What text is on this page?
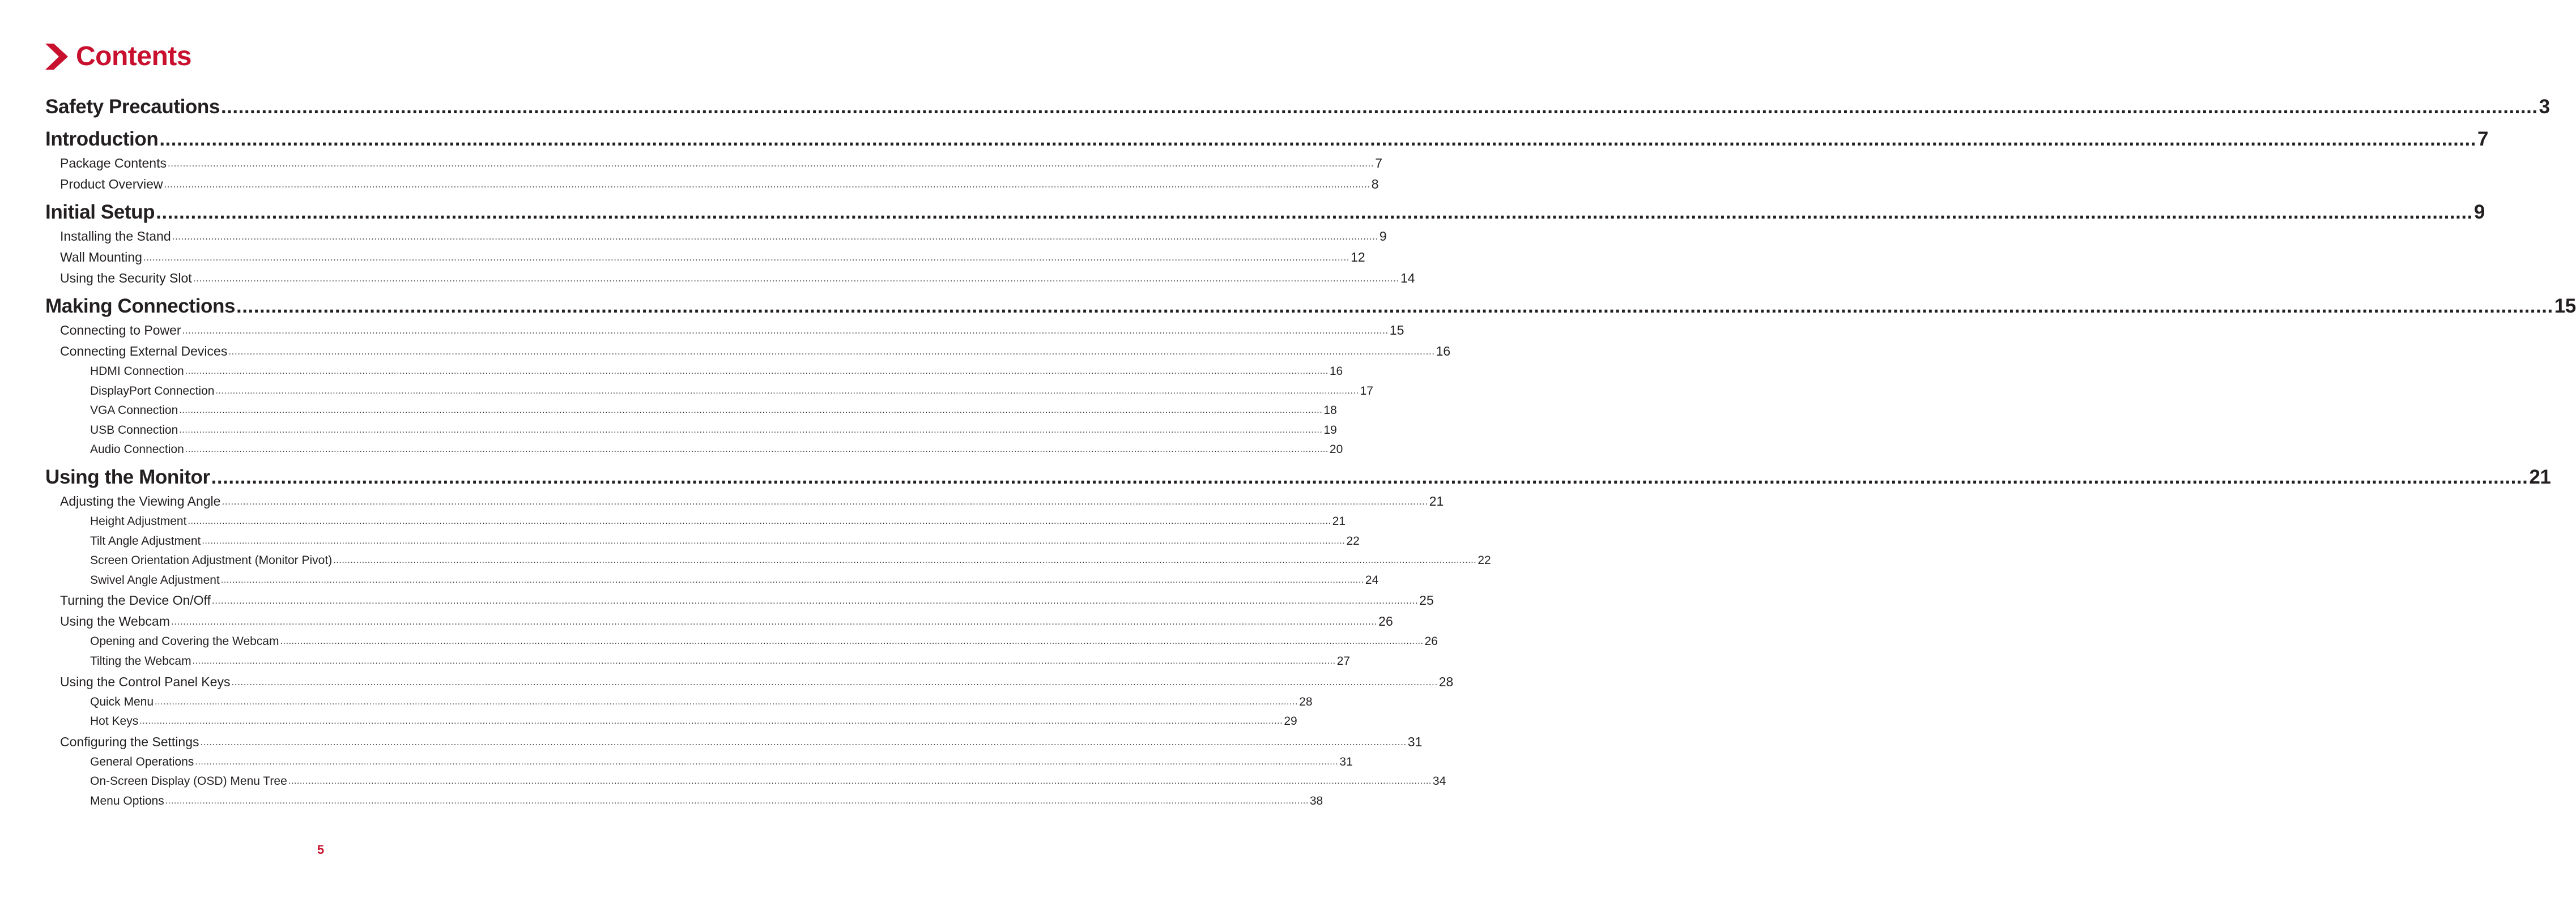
Contents
Safety Precautions ................................................................................................................................................................................................................................................................................................................................................................................................................ 3
Introduction ................................................................................................................................................................................................................................................................................................................................................................................................................ 7
Package Contents ................................................................................................................................................................................................................................................................................................................................................................................................................ 7
Product Overview ................................................................................................................................................................................................................................................................................................................................................................................................................ 8
Initial Setup ................................................................................................................................................................................................................................................................................................................................................................................................................ 9
Installing the Stand ................................................................................................................................................................................................................................................................................................................................................................................................................ 9
Wall Mounting ................................................................................................................................................................................................................................................................................................................................................................................................................ 12
Using the Security Slot ................................................................................................................................................................................................................................................................................................................................................................................................................ 14
Making Connections ................................................................................................................................................................................................................................................................................................................................................................................................................ 15
Connecting to Power ................................................................................................................................................................................................................................................................................................................................................................................................................ 15
Connecting External Devices ................................................................................................................................................................................................................................................................................................................................................................................................................ 16
HDMI Connection ................................................................................................................................................................................................................................................................................................................................................................................................................ 16
DisplayPort Connection ................................................................................................................................................................................................................................................................................................................................................................................................................ 17
VGA Connection ................................................................................................................................................................................................................................................................................................................................................................................................................ 18
USB Connection ................................................................................................................................................................................................................................................................................................................................................................................................................ 19
Audio Connection ................................................................................................................................................................................................................................................................................................................................................................................................................ 20
Using the Monitor ................................................................................................................................................................................................................................................................................................................................................................................................................ 21
Adjusting the Viewing Angle ................................................................................................................................................................................................................................................................................................................................................................................................................ 21
Height Adjustment ................................................................................................................................................................................................................................................................................................................................................................................................................ 21
Tilt Angle Adjustment ................................................................................................................................................................................................................................................................................................................................................................................................................ 22
Screen Orientation Adjustment (Monitor Pivot) ................................................................................................................................................................................................................................................................................................................................................................................................................ 22
Swivel Angle Adjustment ................................................................................................................................................................................................................................................................................................................................................................................................................ 24
Turning the Device On/Off ................................................................................................................................................................................................................................................................................................................................................................................................................ 25
Using the Webcam ................................................................................................................................................................................................................................................................................................................................................................................................................ 26
Opening and Covering the Webcam ................................................................................................................................................................................................................................................................................................................................................................................................................ 26
Tilting the Webcam ................................................................................................................................................................................................................................................................................................................................................................................................................ 27
Using the Control Panel Keys ................................................................................................................................................................................................................................................................................................................................................................................................................ 28
Quick Menu ................................................................................................................................................................................................................................................................................................................................................................................................................ 28
Hot Keys ................................................................................................................................................................................................................................................................................................................................................................................................................ 29
Configuring the Settings ................................................................................................................................................................................................................................................................................................................................................................................................................ 31
General Operations ................................................................................................................................................................................................................................................................................................................................................................................................................ 31
On-Screen Display (OSD) Menu Tree ................................................................................................................................................................................................................................................................................................................................................................................................................ 34
Menu Options ................................................................................................................................................................................................................................................................................................................................................................................................................ 38
5
